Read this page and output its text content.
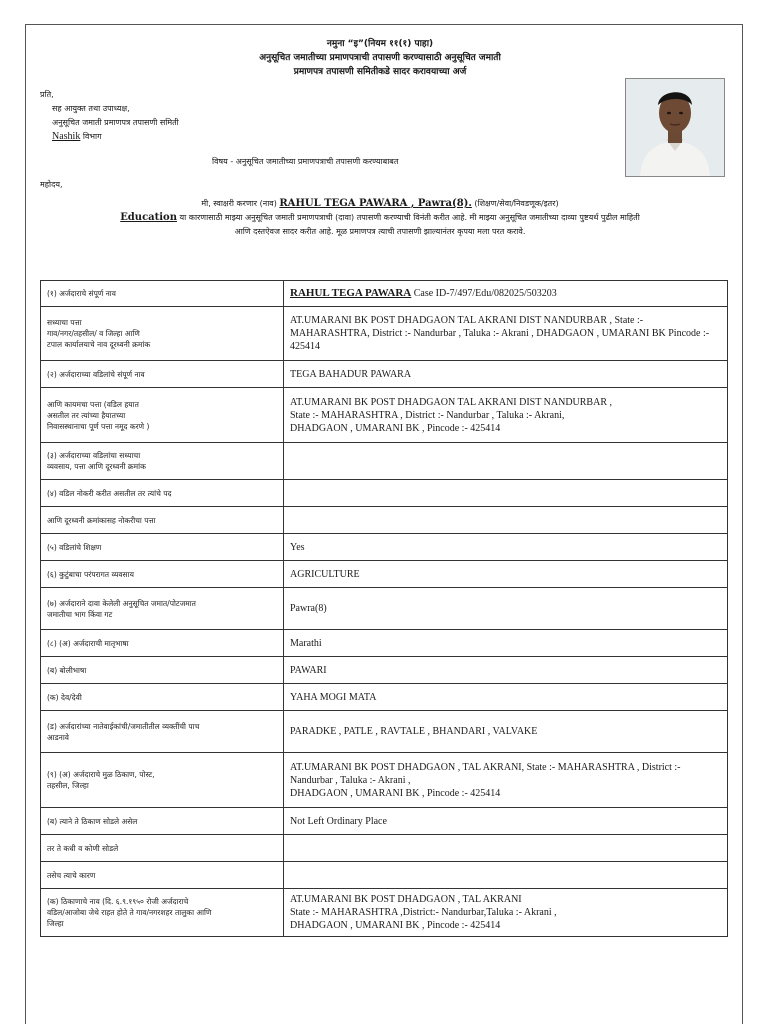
नमुना “इ”(नियम ११(१) पाहा)
अनुसूचित जमातीच्या प्रमाणपत्राची तपासणी करण्यासाठी अनुसूचित जमाती
प्रमाणपत्र तपासणी समितीकडे सादर करावयाच्या अर्ज
प्रति,
सह आयुक्त तथा उपाध्यक्ष,
अनुसूचित जमाती प्रमाणपत्र तपासणी समिती
Nashik विभाग
विषय - अनुसूचित जमातीच्या प्रमाणपत्राची तपासणी करण्याबाबत
महोदय,
मी, स्वाक्षरी करणार (नाव) RAHUL TEGA PAWARA , Pawra(8). (शिक्षण/सेवा/निवडणूक/इतर)
Education या कारणासाठी माझ्या अनुसूचित जमाती प्रमाणपत्राची (दावा) तपासणी करण्याची विनंती करीत आहे. मी माझ्या अनुसूचित जमातीच्या दाव्या पुष्टयर्थ पुढील माहिती आणि दस्तऐवज सादर करीत आहे. मूळ प्रमाणपत्र त्याची तपासणी झाल्यानंतर कृपया मला परत करावे.
(१) अर्जदाराचे संपूर्ण नाव	RAHUL TEGA PAWARA Case ID-7/497/Edu/082025/503203
सध्याचा पत्ता
गाव/नगर/तहसील/ व जिल्हा आणि
टपाल कार्यालयाचे नाव दूरध्वनी क्रमांक	AT.UMARANI BK POST DHADGAON TAL AKRANI DIST NANDURBAR , State :- MAHARASHTRA, District :- Nandurbar , Taluka :- Akrani , DHADGAON , UMARANI BK Pincode :- 425414
(२) अर्जदाराच्या वडिलांचे संपूर्ण नाव	TEGA BAHADUR PAWARA
आणि कायमचा पत्ता (वडिल हयात
असतील तर त्यांच्या हैयातच्या
निवासस्थानाचा पूर्ण पत्ता नमूद करणे )	AT.UMARANI BK POST DHADGAON TAL AKRANI DIST NANDURBAR ,
State :- MAHARASHTRA , District :- Nandurbar , Taluka :- Akrani,
DHADGAON , UMARANI BK , Pincode :- 425414
(३) अर्जदाराच्या वडिलांचा सध्याचा
व्यवसाय, पत्ता आणि दूरध्वनी क्रमांक	
(४) वडिल नोकरी करीत असतील तर त्यांचे पद	
आणि दूरध्वनी क्रमांकासह नोकरीचा पत्ता	
(५) वडिलांचे शिक्षण	Yes
(६) कुटुंबाचा परंपरागत व्यवसाय	AGRICULTURE
(७) अर्जदाराने दावा केलेली अनुसूचित जमात/पोटजमात
जमातीचा भाग किंवा गट	Pawra(8)
(८) (अ) अर्जदाराची मातृभाषा	Marathi
(ब) बोलीभाषा	PAWARI
(क) देव/देवी	YAHA MOGI MATA
(ड) अर्जदारांच्या नातेवाईकांची/जमातीतील व्यक्तींची पाच
आडनावे	PARADKE , PATLE , RAVTALE , BHANDARI , VALVAKE
(९) (अ) अर्जदाराचे मुळ ठिकाण, पोस्ट,
तहसील, जिल्हा	AT.UMARANI BK POST DHADGAON , TAL AKRANI, State :- MAHARASHTRA , District :- Nandurbar , Taluka :- Akrani ,
DHADGAON , UMARANI BK , Pincode :- 425414
(ब) त्याने ते ठिकाण सोडले असेल	Not Left Ordinary Place
तर ते कधी व कोणी सोडले	
तसेच त्याचे कारण	
(क) ठिकाणाचे नाव (दि. ६.९.१९५० रोजी अर्जदाराचे
वडिल/आजोबा जेथे राहत होते ते गाव/नगरशहर तालुका आणि
जिल्हा	AT.UMARANI BK POST DHADGAON , TAL AKRANI
State :- MAHARASHTRA ,District:- Nandurbar,Taluka :- Akrani ,
DHADGAON , UMARANI BK , Pincode :- 425414
